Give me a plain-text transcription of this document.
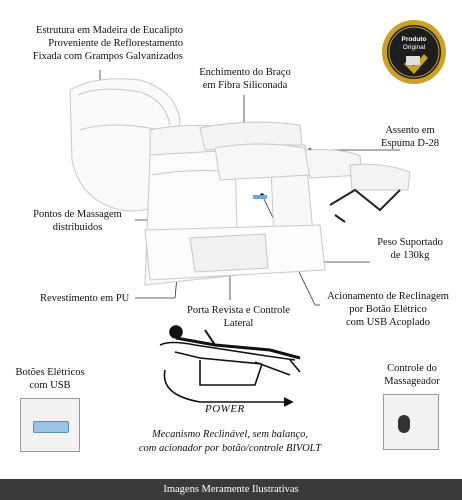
Produto
Original
Estrutura em Madeira de Eucalipto
Proveniente de Reflorestamento
Fixada com Grampos Galvanizados
Enchimento do Braço
em Fibra Siliconada
Assento em
Espuma D-28
Pontos de Massagem
distribuidos
Peso Suportado
de 130kg
Revestimento em PU
Porta Revista e Controle
Lateral
Acionamento de Reclinagem
por Botão Elétrico
com USB Acoplado
Botões Elétricos
com USB
Controle do
Massageador
POWER
Mecanismo Reclinável, sem balanço,
com acionador por botão/controle BIVOLT
Imagens Meramente Ilustrativas
